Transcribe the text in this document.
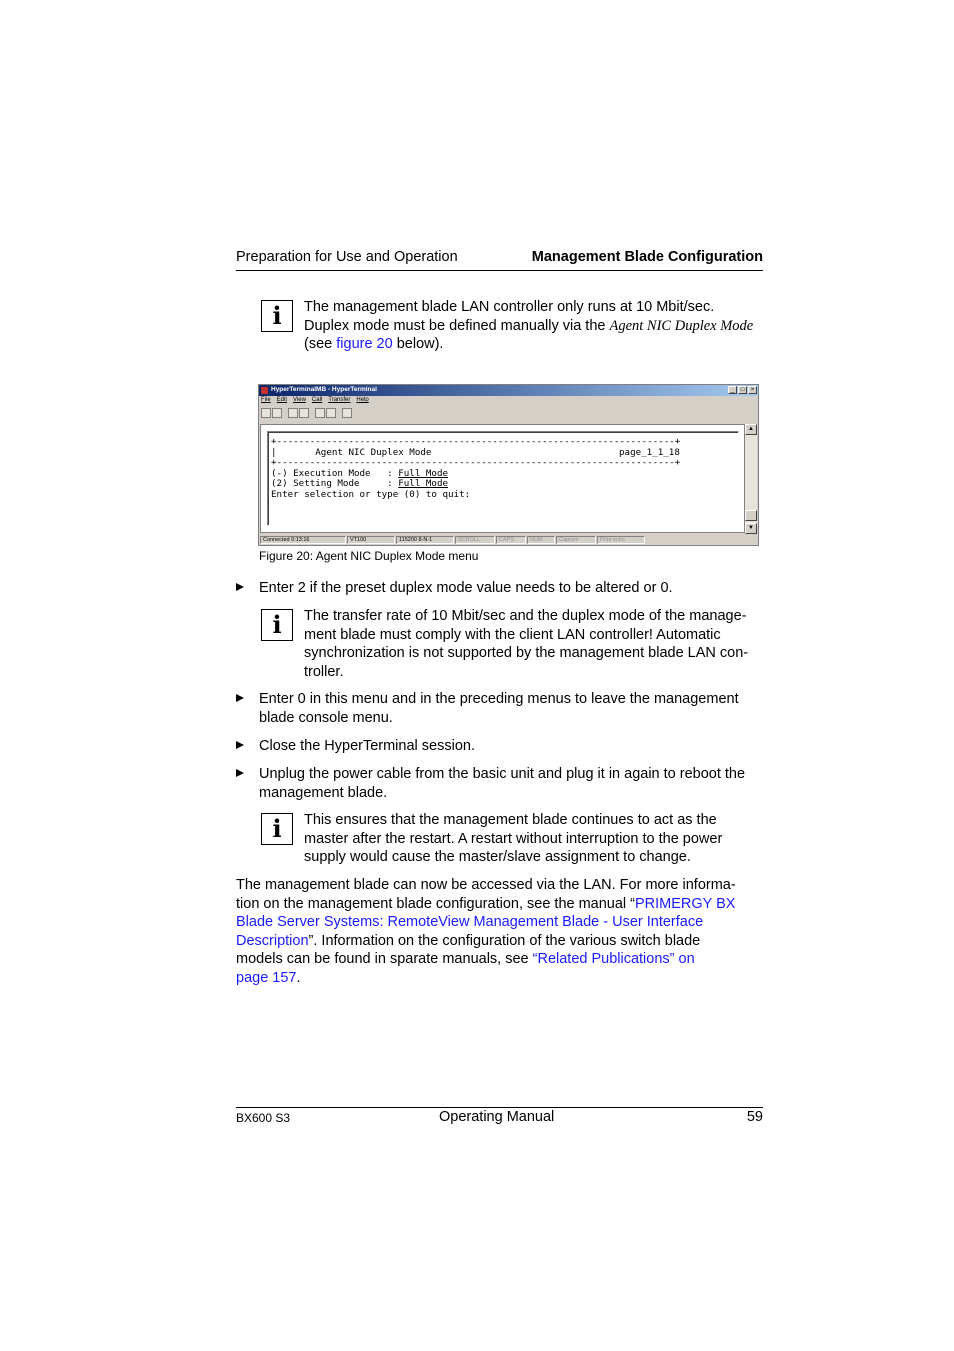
Preparation for Use and Operation	Management Blade Configuration
i	The management blade LAN controller only runs at 10 Mbit/sec.
Duplex mode must be defined manually via the Agent NIC Duplex Mode
(see figure 20 below).
HyperTerminalMB - HyperTerminal	_	□	×
File Edit View Call Transfer Help
+------------------------------------------------------------------------+
|       Agent NIC Duplex Mode	page_1_1_18

+------------------------------------------------------------------------+
(-) Execution Mode   : Full Mode
(2) Setting Mode     : Full Mode
Enter selection or type (0) to quit:
▲
▼
Connected 0:13:16	VT100	115200 8-N-1	SCROLL	CAPS	NUM	Capture	Print echo
Figure 20: Agent NIC Duplex Mode menu
Enter 2 if the preset duplex mode value needs to be altered or 0.
i	The transfer rate of 10 Mbit/sec and the duplex mode of the manage-
ment blade must comply with the client LAN controller! Automatic
synchronization is not supported by the management blade LAN con-
troller.
Enter 0 in this menu and in the preceding menus to leave the management
blade console menu.
Close the HyperTerminal session.
Unplug the power cable from the basic unit and plug it in again to reboot the
management blade.
i	This ensures that the management blade continues to act as the
master after the restart. A restart without interruption to the power
supply would cause the master/slave assignment to change.
The management blade can now be accessed via the LAN. For more informa-
tion on the management blade configuration, see the manual “PRIMERGY BX
Blade Server Systems: RemoteView Management Blade - User Interface
Description”. Information on the configuration of the various switch blade
models can be found in sparate manuals, see “Related Publications” on
page 157.
BX600 S3	Operating Manual	59
